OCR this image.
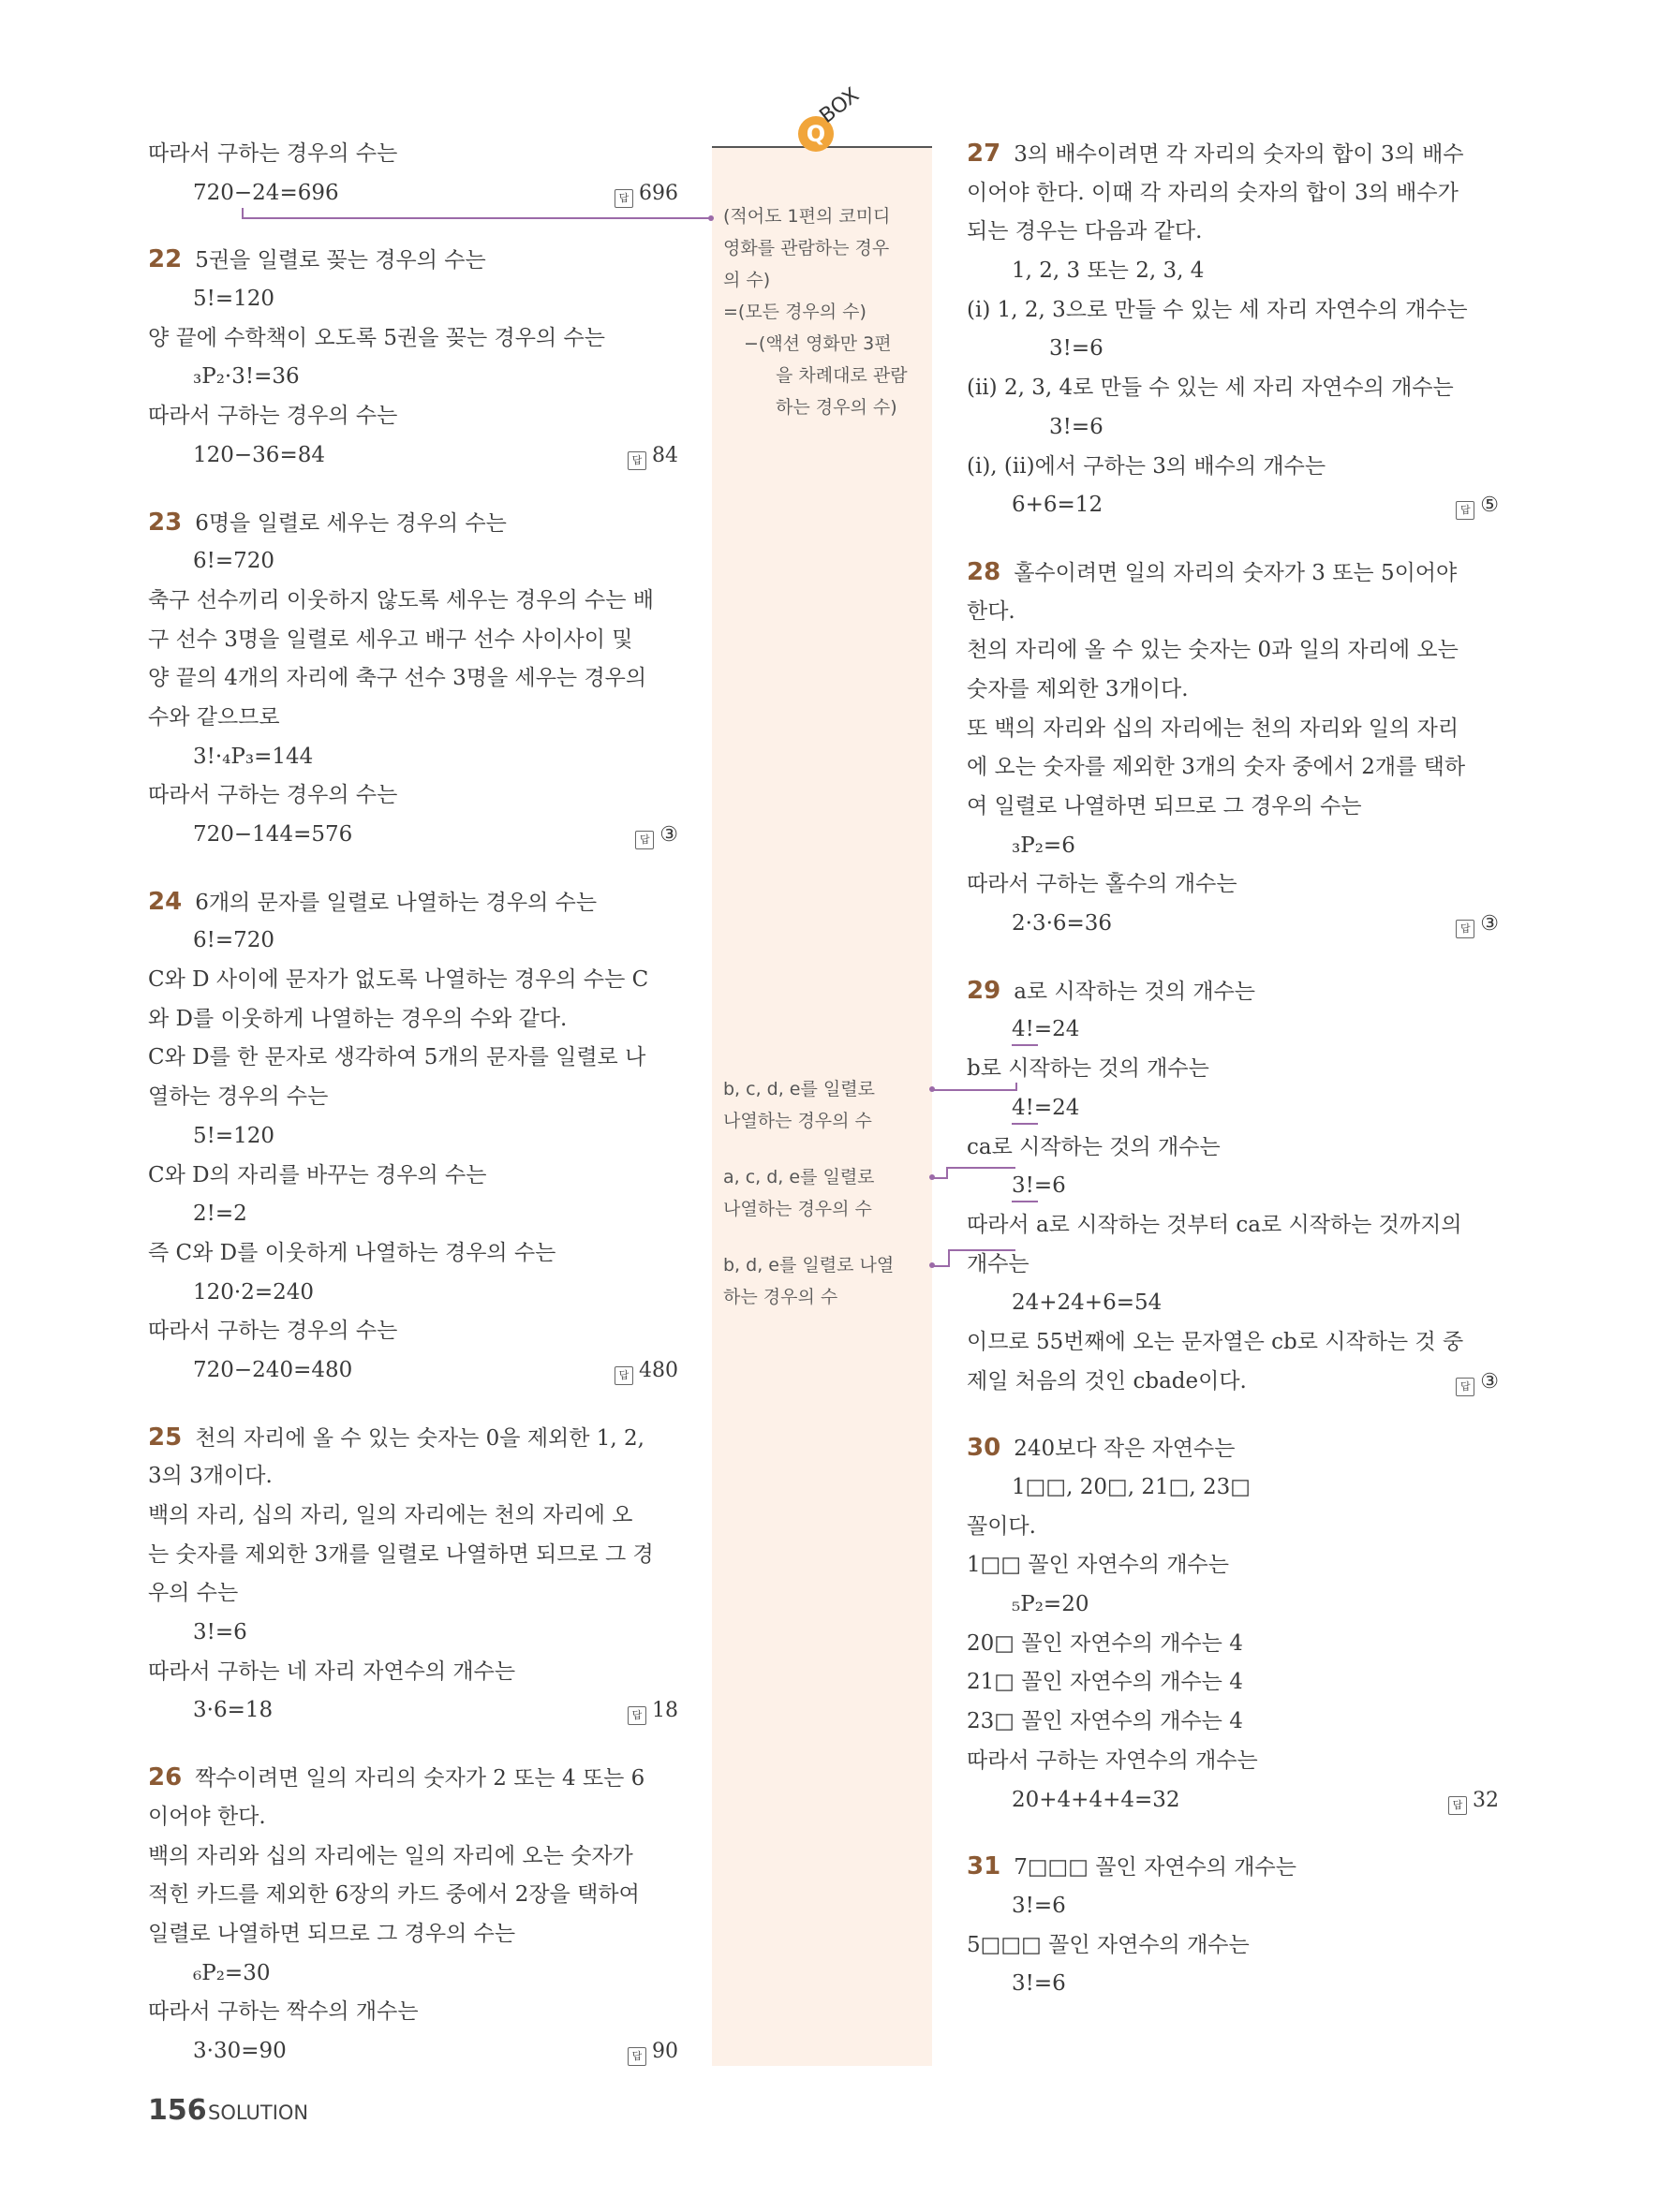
Q
BOX
따라서 구하는 경우의 수는
720−24=696	답 696
22 5권을 일렬로 꽂는 경우의 수는
5!=120
양 끝에 수학책이 오도록 5권을 꽂는 경우의 수는
₃P₂·3!=36
따라서 구하는 경우의 수는
120−36=84	답 84
23 6명을 일렬로 세우는 경우의 수는
6!=720
축구 선수끼리 이웃하지 않도록 세우는 경우의 수는 배
구 선수 3명을 일렬로 세우고 배구 선수 사이사이 및
양 끝의 4개의 자리에 축구 선수 3명을 세우는 경우의
수와 같으므로
3!·₄P₃=144
따라서 구하는 경우의 수는
720−144=576	답 ③
24 6개의 문자를 일렬로 나열하는 경우의 수는
6!=720
C와 D 사이에 문자가 없도록 나열하는 경우의 수는 C
와 D를 이웃하게 나열하는 경우의 수와 같다.
C와 D를 한 문자로 생각하여 5개의 문자를 일렬로 나
열하는 경우의 수는
5!=120
C와 D의 자리를 바꾸는 경우의 수는
2!=2
즉 C와 D를 이웃하게 나열하는 경우의 수는
120·2=240
따라서 구하는 경우의 수는
720−240=480	답 480
25 천의 자리에 올 수 있는 숫자는 0을 제외한 1, 2,
3의 3개이다.
백의 자리, 십의 자리, 일의 자리에는 천의 자리에 오
는 숫자를 제외한 3개를 일렬로 나열하면 되므로 그 경
우의 수는
3!=6
따라서 구하는 네 자리 자연수의 개수는
3·6=18	답 18
26 짝수이려면 일의 자리의 숫자가 2 또는 4 또는 6
이어야 한다.
백의 자리와 십의 자리에는 일의 자리에 오는 숫자가
적힌 카드를 제외한 6장의 카드 중에서 2장을 택하여
일렬로 나열하면 되므로 그 경우의 수는
₆P₂=30
따라서 구하는 짝수의 개수는
3·30=90	답 90
27 3의 배수이려면 각 자리의 숫자의 합이 3의 배수
이어야 한다. 이때 각 자리의 숫자의 합이 3의 배수가
되는 경우는 다음과 같다.
1, 2, 3 또는 2, 3, 4
(ⅰ) 1, 2, 3으로 만들 수 있는 세 자리 자연수의 개수는
3!=6
(ⅱ) 2, 3, 4로 만들 수 있는 세 자리 자연수의 개수는
3!=6
(ⅰ), (ⅱ)에서 구하는 3의 배수의 개수는
6+6=12	답 ⑤
28 홀수이려면 일의 자리의 숫자가 3 또는 5이어야
한다.
천의 자리에 올 수 있는 숫자는 0과 일의 자리에 오는
숫자를 제외한 3개이다.
또 백의 자리와 십의 자리에는 천의 자리와 일의 자리
에 오는 숫자를 제외한 3개의 숫자 중에서 2개를 택하
여 일렬로 나열하면 되므로 그 경우의 수는
₃P₂=6
따라서 구하는 홀수의 개수는
2·3·6=36	답 ③
29 a로 시작하는 것의 개수는
4!=24
b로 시작하는 것의 개수는
4!=24
ca로 시작하는 것의 개수는
3!=6
따라서 a로 시작하는 것부터 ca로 시작하는 것까지의
개수는
24+24+6=54
이므로 55번째에 오는 문자열은 cb로 시작하는 것 중
제일 처음의 것인 cbade이다.	답 ③
30 240보다 작은 자연수는
1□□, 20□, 21□, 23□
꼴이다.
1□□ 꼴인 자연수의 개수는
₅P₂=20
20□ 꼴인 자연수의 개수는 4
21□ 꼴인 자연수의 개수는 4
23□ 꼴인 자연수의 개수는 4
따라서 구하는 자연수의 개수는
20+4+4+4=32	답 32
31 7□□□ 꼴인 자연수의 개수는
3!=6
5□□□ 꼴인 자연수의 개수는
3!=6
(적어도 1편의 코미디
영화를 관람하는 경우
의 수)
=(모든 경우의 수)
−(액션 영화만 3편
을 차례대로 관람
하는 경우의 수)
b, c, d, e를 일렬로
나열하는 경우의 수
a, c, d, e를 일렬로
나열하는 경우의 수
b, d, e를 일렬로 나열
하는 경우의 수
156 SOLUTION
